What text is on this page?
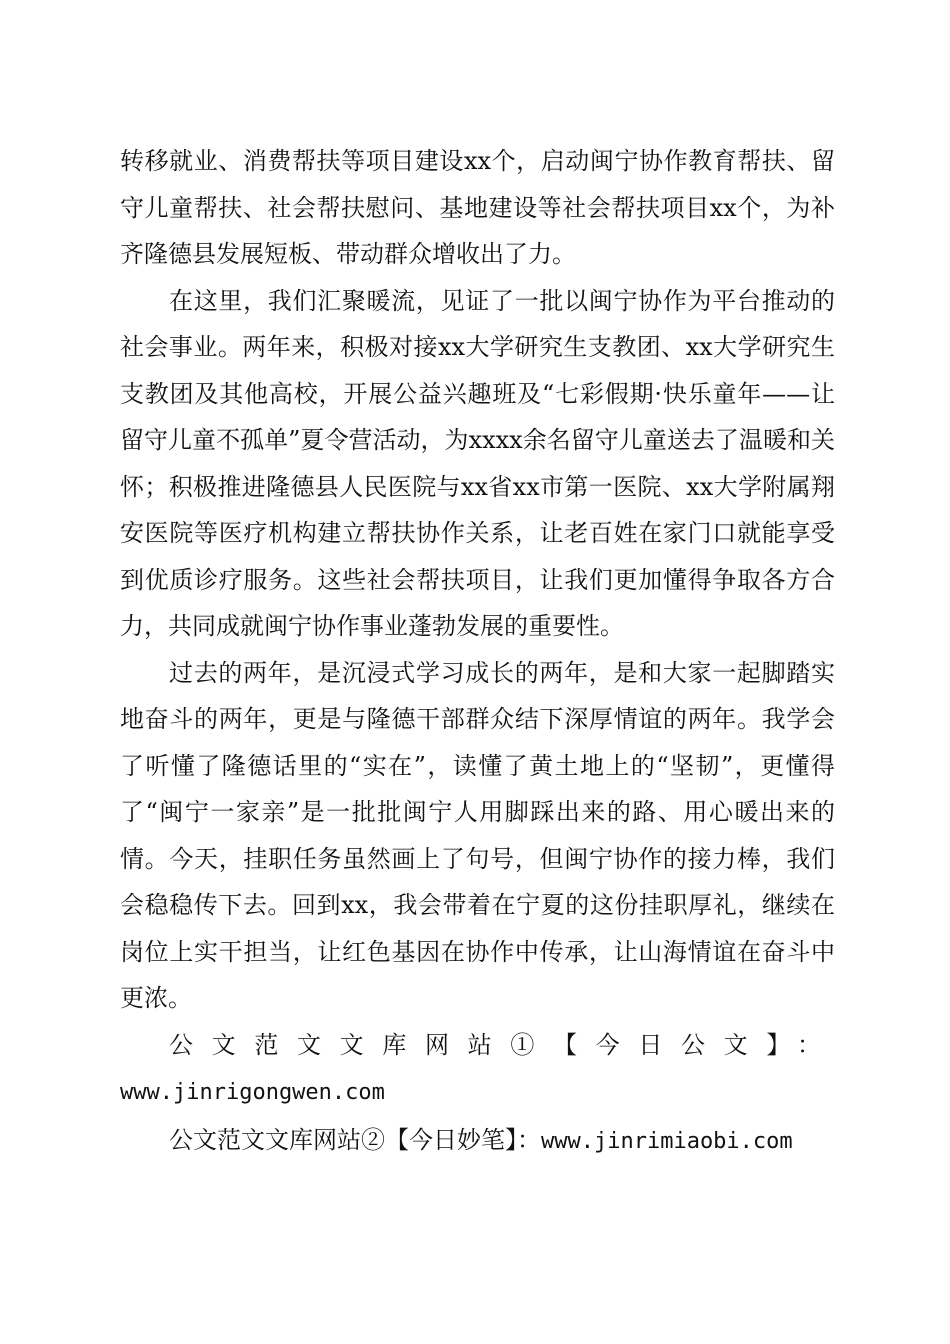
转移就业、消费帮扶等项目建设xx个，启动闽宁协作教育帮扶、留守儿童帮扶、社会帮扶慰问、基地建设等社会帮扶项目xx个，为补齐隆德县发展短板、带动群众增收出了力。

在这里，我们汇聚暖流，见证了一批以闽宁协作为平台推动的社会事业。两年来，积极对接xx大学研究生支教团、xx大学研究生支教团及其他高校，开展公益兴趣班及“七彩假期·快乐童年——让留守儿童不孤单”夏令营活动，为xxxx余名留守儿童送去了温暖和关怀；积极推进隆德县人民医院与xx省xx市第一医院、xx大学附属翔安医院等医疗机构建立帮扶协作关系，让老百姓在家门口就能享受到优质诊疗服务。这些社会帮扶项目，让我们更加懂得争取各方合力，共同成就闽宁协作事业蓬勃发展的重要性。

过去的两年，是沉浸式学习成长的两年，是和大家一起脚踏实地奋斗的两年，更是与隆德干部群众结下深厚情谊的两年。我学会了听懂了隆德话里的“实在”，读懂了黄土地上的“坚韧”，更懂得了“闽宁一家亲”是一批批闽宁人用脚踩出来的路、用心暖出来的情。今天，挂职任务虽然画上了句号，但闽宁协作的接力棒，我们会稳稳传下去。回到xx，我会带着在宁夏的这份挂职厚礼，继续在岗位上实干担当，让红色基因在协作中传承，让山海情谊在奋斗中更浓。

公文范文文库网站①【今日公文】：www.jinrigongwen.com

公文范文文库网站②【今日妙笔】：www.jinrimiaobi.com
